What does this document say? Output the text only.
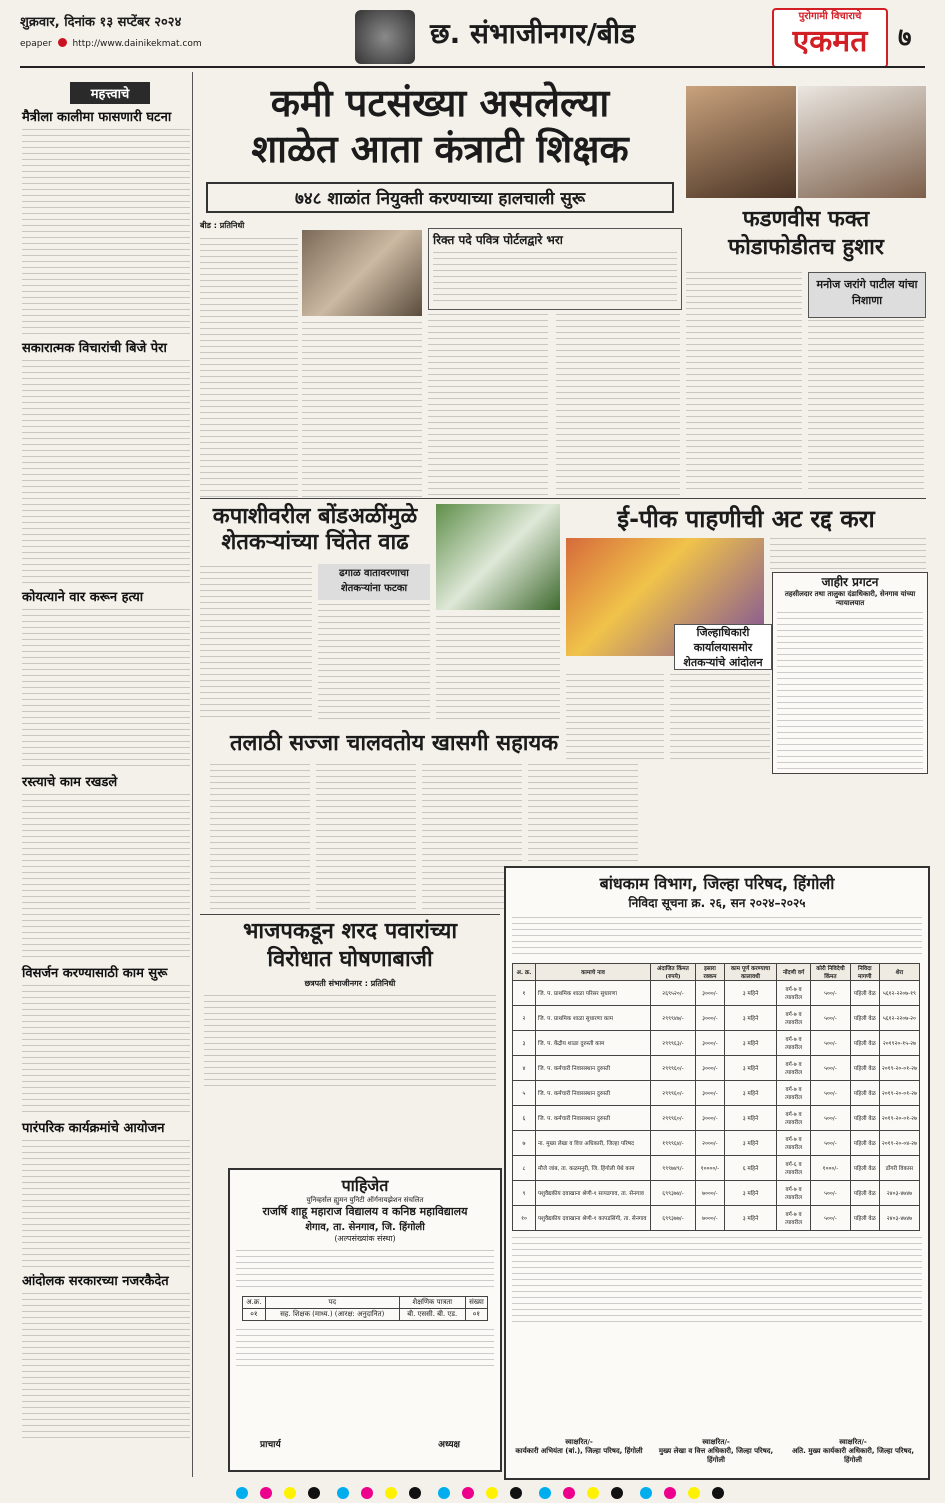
शुक्रवार, दिनांक १३ सप्टेंबर २०२४
epaper http://www.dainikekmat.com	छ. संभाजीनगर/बीड
पुरोगामी विचाराचे
एकमत	७
महत्त्वाचे
मैत्रीला कालीमा फासणारी घटना
सकारात्मक विचारांची बिजे पेरा
कोयत्याने वार करून हत्या
रस्त्याचे काम रखडले
विसर्जन करण्यासाठी काम सुरू
पारंपरिक कार्यक्रमांचे आयोजन
आंदोलक सरकारच्या नजरकैदेत
कमी पटसंख्या असलेल्या
शाळेत आता कंत्राटी शिक्षक
७४८ शाळांत नियुक्ती करण्याच्या हालचाली सुरू
बीड : प्रतिनिधी
रिक्त पदे पवित्र पोर्टलद्वारे भरा
फडणवीस फक्त
फोडाफोडीतच हुशार
मनोज जरांगे पाटील यांचा निशाणा
कपाशीवरील बोंडअळींमुळे
शेतकऱ्यांच्या चिंतेत वाढ
ढगाळ वातावरणाचा शेतकऱ्यांना फटका
ई-पीक पाहणीची अट रद्द करा
जिल्हाधिकारी कार्यालयासमोर शेतकऱ्यांचे आंदोलन
जाहीर प्रगटन
तहसीलदार तथा तालुका दंडाधिकारी, सेनगाव यांच्या न्यायालयात
तलाठी सज्जा चालवतोय खासगी सहायक
भाजपकडून शरद पवारांच्या
विरोधात घोषणाबाजी
छत्रपती संभाजीनगर : प्रतिनिधी
पाहिजेत
युनिव्हर्सल ह्युमन युनिटी ऑर्गनायझेशन संचलित
राजर्षि शाहू महाराज विद्यालय व कनिष्ठ महाविद्यालय
शेगाव, ता. सेनगाव, जि. हिंगोली
(अल्पसंख्यांक संस्था)
अ.क्र.	पद	शैक्षणिक पात्रता	संख्या
०१	सह. शिक्षक (माध्य.) (आरक्ष: अनुदानित)	बी. एससी. बी. एड.	०१
प्राचार्य	अध्यक्ष
बांधकाम विभाग, जिल्हा परिषद, हिंगोली
निविदा सूचना क्र. २६, सन २०२४–२०२५
अ. क्र.	कामाचे नाव	अंदाजित किंमत (रुपये)	इसारा रक्कम	काम पूर्ण करण्याचा कालावधी	नोंदणी वर्ग	कोरी निविदेची किंमत	निविदा मागणी	शेरा
१	जि. प. प्राथमिक शाळा परिसर सुधारणा	२६९५२०/-	३०००/-	३ महिने	वर्ग-७ व त्यावरील	५००/-	पहिली वेळ	५६१२-२२०७-१९
२	जि. प. प्राथमिक शाळा सुधारणा काम	२९९९४७/-	३०००/-	३ महिने	वर्ग-७ व त्यावरील	५००/-	पहिली वेळ	५६१२-२२०७-२०
३	जि. प. केंद्रीय शाळा दुरुस्ती काम	२९९९६३/-	३०००/-	३ महिने	वर्ग-७ व त्यावरील	५००/-	पहिली वेळ	२०१९२०-१५-२७
४	जि. प. कर्मचारी निवासस्थान दुरुस्ती	२९९९६०/-	३०००/-	३ महिने	वर्ग-७ व त्यावरील	५००/-	पहिली वेळ	२०१९-२०-०१-२७
५	जि. प. कर्मचारी निवासस्थान दुरुस्ती	२९९९६०/-	३०००/-	३ महिने	वर्ग-७ व त्यावरील	५००/-	पहिली वेळ	२०१९-२०-०१-२७
६	जि. प. कर्मचारी निवासस्थान दुरुस्ती	२९९९६०/-	३०००/-	३ महिने	वर्ग-७ व त्यावरील	५००/-	पहिली वेळ	२०१९-२०-०१-२७
७	ना. मुख्य लेखा व वित्त अधिकारी, जिल्हा परिषद	१९९९६४/-	२०००/-	३ महिने	वर्ग-७ व त्यावरील	५००/-	पहिली वेळ	२०१९-२०-०४-२७
८	मौजे जांब, ता. कळमनुरी, जि. हिंगोली येथे काम	९९९७४९/-	१००००/-	६ महिने	वर्ग-६ व त्यावरील	१०००/-	पहिली वेळ	डोंगरी विकास
९	पशुवैद्यकीय दवाखाना श्रेणी-१ सापडगाव, ता. सेनगाव	६९९३७४/-	७०००/-	३ महिने	वर्ग-७ व त्यावरील	५००/-	पहिली वेळ	२४०३-४७४७
१०	पशुवैद्यकीय दवाखाना श्रेणी-१ कापडसिंगी, ता. सेनगाव	६९९३७७/-	७०००/-	३ महिने	वर्ग-७ व त्यावरील	५००/-	पहिली वेळ	२४०३-४७४७
स्वाक्षरित/-
कार्यकारी अभियंता (बां.), जिल्हा परिषद, हिंगोली
स्वाक्षरित/-
मुख्य लेखा व वित्त अधिकारी, जिल्हा परिषद, हिंगोली
स्वाक्षरित/-
अति. मुख्य कार्यकारी अधिकारी, जिल्हा परिषद, हिंगोली
